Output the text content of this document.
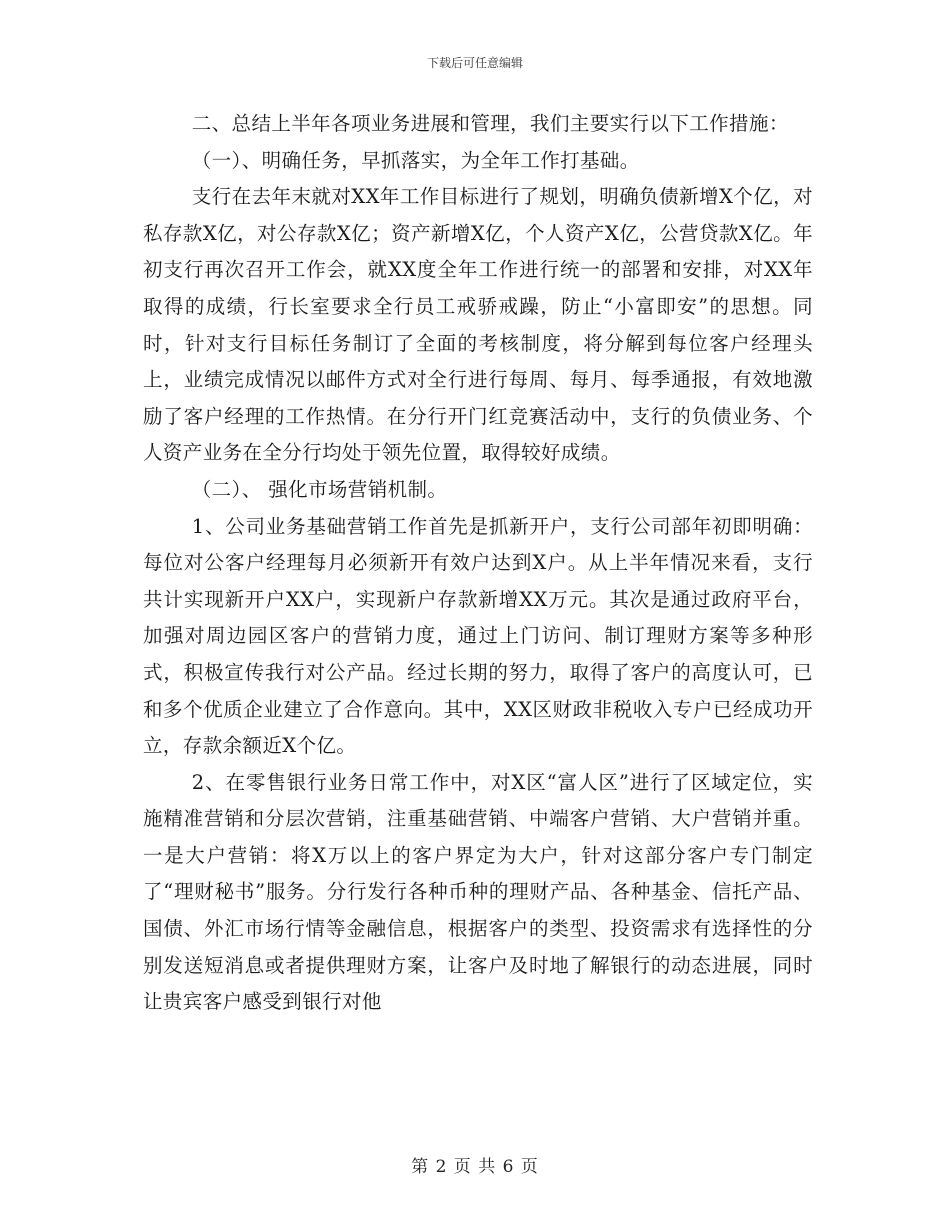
下载后可任意编辑

二、总结上半年各项业务进展和管理，我们主要实行以下工作措施：

（一）、明确任务，早抓落实，为全年工作打基础。

支行在去年末就对XX年工作目标进行了规划，明确负债新增X个亿，对私存款X亿，对公存款X亿；资产新增X亿，个人资产X亿，公营贷款X亿。年初支行再次召开工作会，就XX度全年工作进行统一的部署和安排，对XX年取得的成绩，行长室要求全行员工戒骄戒躁，防止“小富即安”的思想。同时，针对支行目标任务制订了全面的考核制度，将分解到每位客户经理头上，业绩完成情况以邮件方式对全行进行每周、每月、每季通报，有效地激励了客户经理的工作热情。在分行开门红竞赛活动中，支行的负债业务、个人资产业务在全分行均处于领先位置，取得较好成绩。

（二）、 强化市场营销机制。

1、公司业务基础营销工作首先是抓新开户，支行公司部年初即明确：每位对公客户经理每月必须新开有效户达到X户。从上半年情况来看，支行共计实现新开户XX户，实现新户存款新增XX万元。其次是通过政府平台，加强对周边园区客户的营销力度，通过上门访问、制订理财方案等多种形式，积极宣传我行对公产品。经过长期的努力，取得了客户的高度认可，已和多个优质企业建立了合作意向。其中，XX区财政非税收入专户已经成功开立，存款余额近X个亿。

2、在零售银行业务日常工作中，对X区“富人区”进行了区域定位，实施精准营销和分层次营销，注重基础营销、中端客户营销、大户营销并重。一是大户营销：将X万以上的客户界定为大户，针对这部分客户专门制定了“理财秘书”服务。分行发行各种币种的理财产品、各种基金、信托产品、国债、外汇市场行情等金融信息，根据客户的类型、投资需求有选择性的分别发送短消息或者提供理财方案，让客户及时地了解银行的动态进展，同时让贵宾客户感受到银行对他

第 2 页 共 6 页
